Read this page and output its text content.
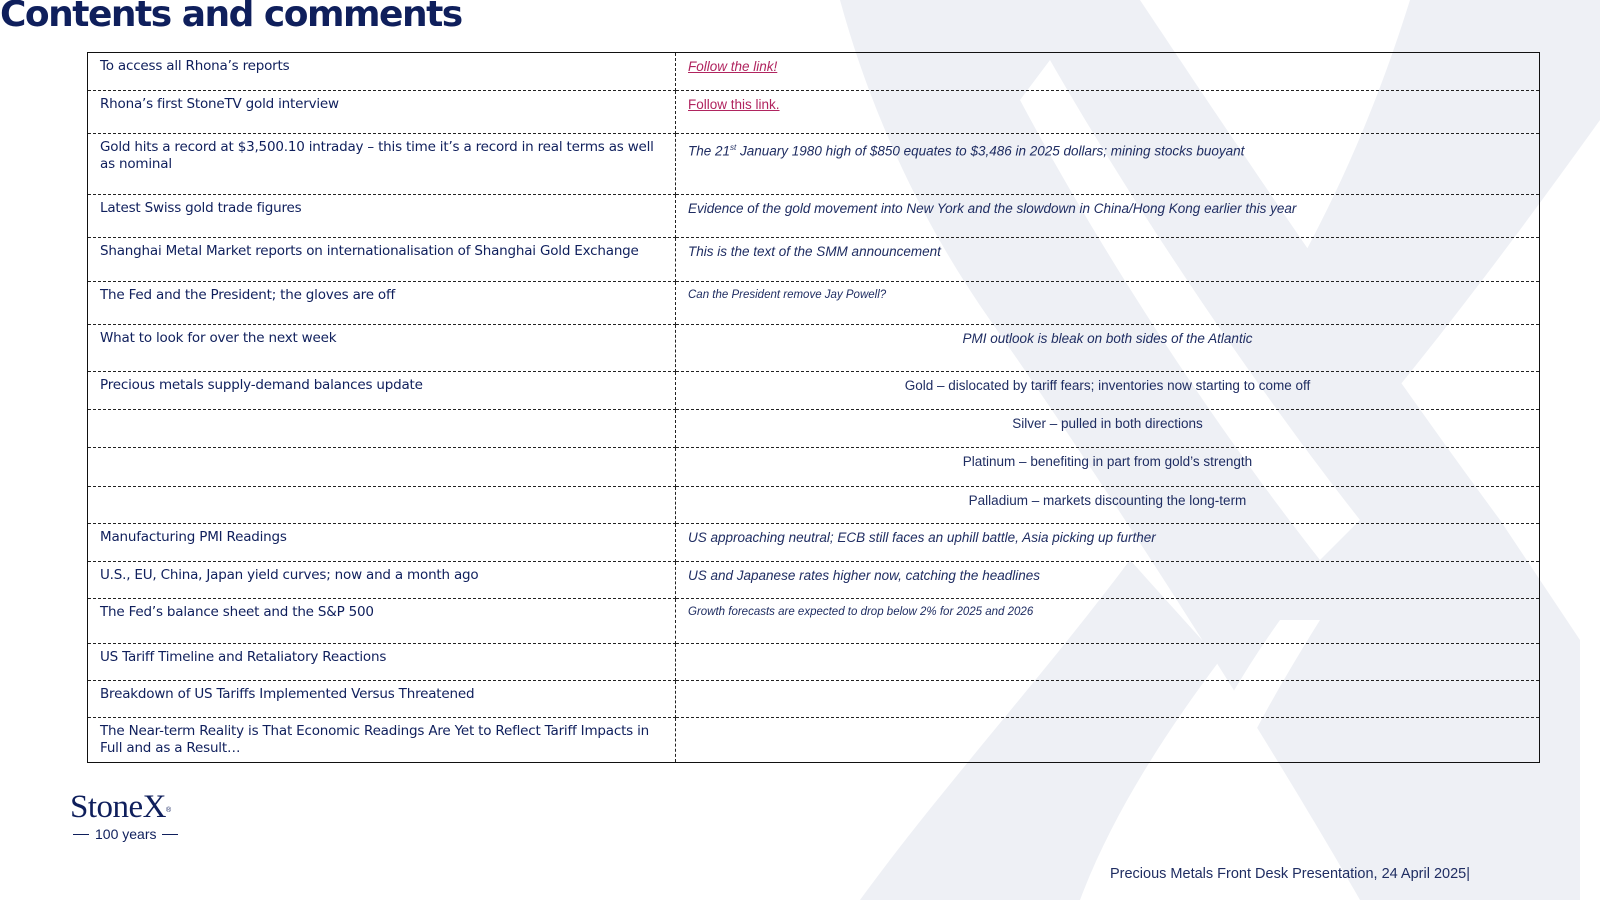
Contents and comments
To access all Rhona’s reports	Follow the link!
Rhona’s first StoneTV gold interview	Follow this link.
Gold hits a record at $3,500.10 intraday – this time it’s a record in real terms as well as nominal	The 21st January 1980 high of $850 equates to $3,486 in 2025 dollars; mining stocks buoyant
Latest Swiss gold trade figures	Evidence of the gold movement into New York and the slowdown in China/Hong Kong earlier this year
Shanghai Metal Market reports on internationalisation of Shanghai Gold Exchange	This is the text of the SMM announcement
The Fed and the President; the gloves are off	Can the President remove Jay Powell?
What to look for over the next week	PMI outlook is bleak on both sides of the Atlantic
Precious metals supply-demand balances update	Gold – dislocated by tariff fears; inventories now starting to come off
	Silver – pulled in both directions
	Platinum – benefiting in part from gold’s strength
	Palladium – markets discounting the long-term
Manufacturing PMI Readings	US approaching neutral; ECB still faces an uphill battle, Asia picking up further
U.S., EU, China, Japan yield curves; now and a month ago	US and Japanese rates higher now, catching the headlines
The Fed’s balance sheet and the S&P 500	Growth forecasts are expected to drop below 2% for 2025 and 2026
US Tariff Timeline and Retaliatory Reactions	
Breakdown of US Tariffs Implemented Versus Threatened	
The Near-term Reality is That Economic Readings Are Yet to Reflect Tariff Impacts in Full and as a Result…	
StoneX®
100 years
Precious Metals Front Desk Presentation, 24 April 2025|
